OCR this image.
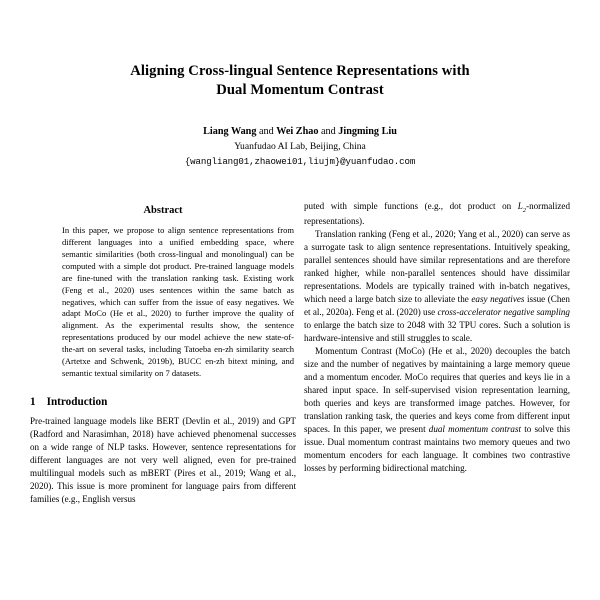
Aligning Cross-lingual Sentence Representations with
Dual Momentum Contrast
Liang Wang and Wei Zhao and Jingming Liu
Yuanfudao AI Lab, Beijing, China
{wangliang01,zhaowei01,liujm}@yuanfudao.com
Abstract
In this paper, we propose to align sentence representations from different languages into a unified embedding space, where semantic similarities (both cross-lingual and monolingual) can be computed with a simple dot product. Pre-trained language models are fine-tuned with the translation ranking task. Existing work (Feng et al., 2020) uses sentences within the same batch as negatives, which can suffer from the issue of easy negatives. We adapt MoCo (He et al., 2020) to further improve the quality of alignment. As the experimental results show, the sentence representations produced by our model achieve the new state-of-the-art on several tasks, including Tatoeba en-zh similarity search (Artetxe and Schwenk, 2019b), BUCC en-zh bitext mining, and semantic textual similarity on 7 datasets.
1 Introduction

Pre-trained language models like BERT (Devlin et al., 2019) and GPT (Radford and Narasimhan, 2018) have achieved phenomenal successes on a wide range of NLP tasks. However, sentence representations for different languages are not very well aligned, even for pre-trained multilingual models such as mBERT (Pires et al., 2019; Wang et al., 2020). This issue is more prominent for language pairs from different families (e.g., English versus

puted with simple functions (e.g., dot product on $L_2$-normalized representations).

Translation ranking (Feng et al., 2020; Yang et al., 2020) can serve as a surrogate task to align sentence representations. Intuitively speaking, parallel sentences should have similar representations and are therefore ranked higher, while non-parallel sentences should have dissimilar representations. Models are typically trained with in-batch negatives, which need a large batch size to alleviate the easy negatives issue (Chen et al., 2020a). Feng et al. (2020) use cross-accelerator negative sampling to enlarge the batch size to 2048 with 32 TPU cores. Such a solution is hardware-intensive and still struggles to scale.

Momentum Contrast (MoCo) (He et al., 2020) decouples the batch size and the number of negatives by maintaining a large memory queue and a momentum encoder. MoCo requires that queries and keys lie in a shared input space. In self-supervised vision representation learning, both queries and keys are transformed image patches. However, for translation ranking task, the queries and keys come from different input spaces. In this paper, we present dual momentum contrast to solve this issue. Dual momentum contrast maintains two memory queues and two momentum encoders for each language. It combines two contrastive losses by performing bidirectional matching.
